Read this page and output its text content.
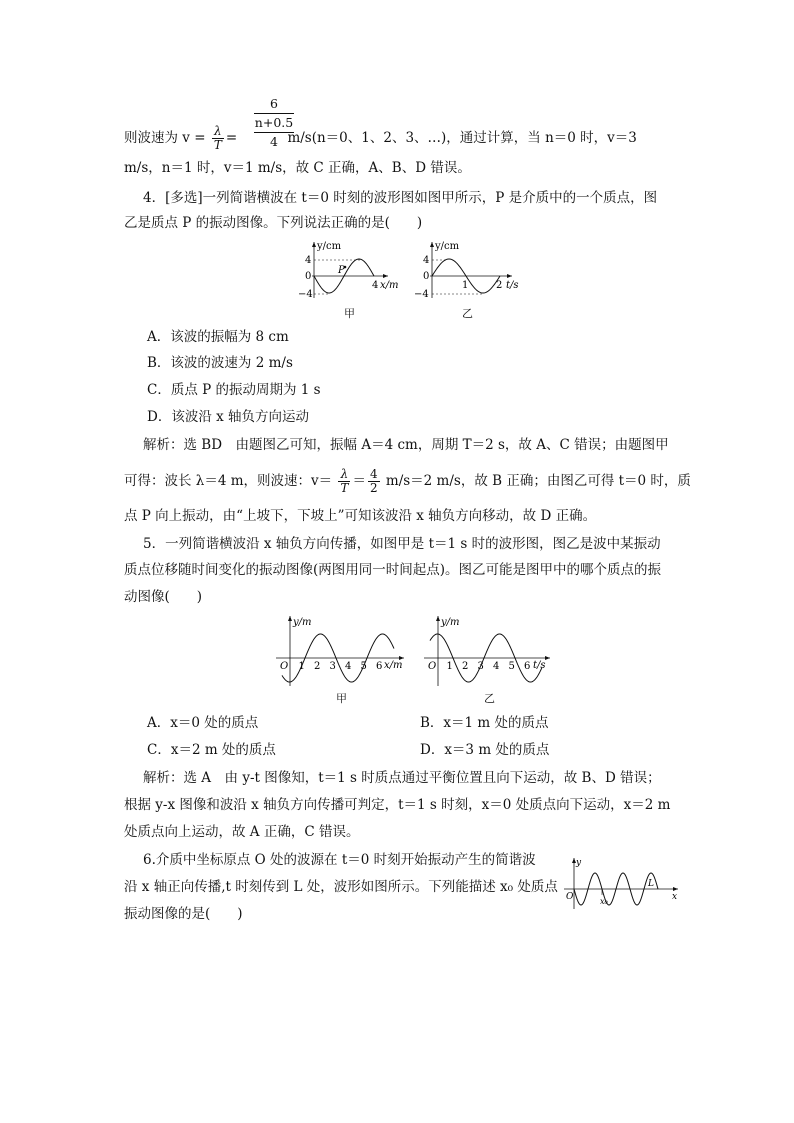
6
n+0.5
4
则波速为 $v = \frac{\lambda}{T}$ =	m/s(n＝0、1、2、3、…)，通过计算，当 n＝0 时，v＝3
m/s，n＝1 时，v＝1 m/s，故 C 正确，A、B、D 错误。
4．[多选]一列简谐横波在 t＝0 时刻的波形图如图甲所示，P 是介质中的一个质点，图
乙是质点 P 的振动图像。下列说法正确的是(　　)
P
y/cm
4
0
−4
4 x/m
甲
y/cm
4
0
−4
1	2 t/s
乙
A．该波的振幅为 8 cm
B．该波的波速为 2 m/s
C．质点 P 的振动周期为 1 s
D．该波沿 x 轴负方向运动
解析：选 BD　由题图乙可知，振幅 A＝4 cm，周期 T＝2 s，故 A、C 错误；由题图甲
可得：波长 λ＝4 m，则波速：$v= \frac{\lambda}{T} = \frac{4}{2} m/s=2$ m/s，故 B 正确；由图乙可得 t＝0 时，质
点 P 向上振动，由“上坡下，下坡上”可知该波沿 x 轴负方向移动，故 D 正确。
5．一列简谐横波沿 x 轴负方向传播，如图甲是 t＝1 s 时的波形图，图乙是波中某振动
质点位移随时间变化的振动图像(两图用同一时间起点)。图乙可能是图甲中的哪个质点的振
动图像(　　)
y/m
O 1 2 3 4 5 6 x/m
甲
y/m
O 1 2 3 4 5 6 t/s
乙
A．x＝0 处的质点	B．x＝1 m 处的质点
C．x＝2 m 处的质点	D．x＝3 m 处的质点
解析：选 A　由 y-t 图像知，t＝1 s 时质点通过平衡位置且向下运动，故 B、D 错误；
根据 y-x 图像和波沿 x 轴负方向传播可判定，t＝1 s 时刻，x＝0 处质点向下运动，x＝2 m
处质点向上运动，故 A 正确，C 错误。
6.介质中坐标原点 O 处的波源在 t＝0 时刻开始振动产生的简谐波
沿 x 轴正向传播,t 时刻传到 L 处，波形如图所示。下列能描述 x₀ 处质点
振动图像的是(　　)
y
O	x₀
L
x
